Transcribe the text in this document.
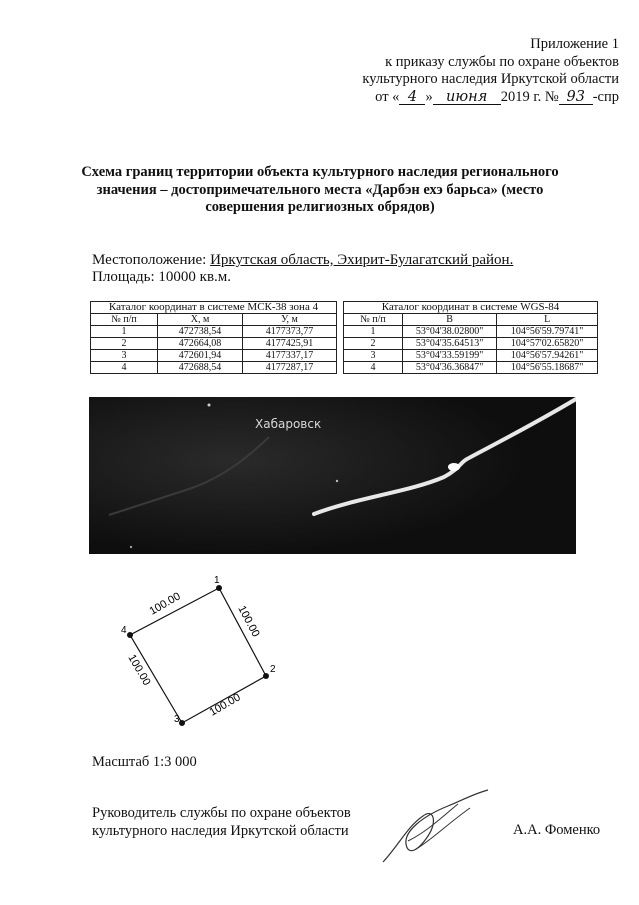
Приложение 1
к приказу службы по охране объектов
культурного наследия Иркутской области
от « 4 » июня 2019 г. № 93 -спр
Схема границ территории объекта культурного наследия регионального значения – достопримечательного места «Дарбэн ехэ барьса» (место совершения религиозных обрядов)
Местоположение: Иркутская область, Эхирит-Булагатский район.
Площадь: 10000 кв.м.
Каталог координат в системе МСК-38 зона 4		
№ п/п	Х, м	У, м
1	472738,54	4177373,77
2	472664,08	4177425,91
3	472601,94	4177337,17
4	472688,54	4177287,17
Каталог координат в системе WGS-84		
№ п/п	B	L
1	53°04'38.02800"	104°56'59.79741"
2	53°04'35.64513"	104°57'02.65820"
3	53°04'33.59199"	104°56'57.94261"
4	53°04'36.36847"	104°56'55.18687"
Хабаровск
1
2
3
4
100.00	100.00
100.00
100.00
Масштаб 1:3 000
Руководитель службы по охране объектов
культурного наследия Иркутской области	А.А. Фоменко
